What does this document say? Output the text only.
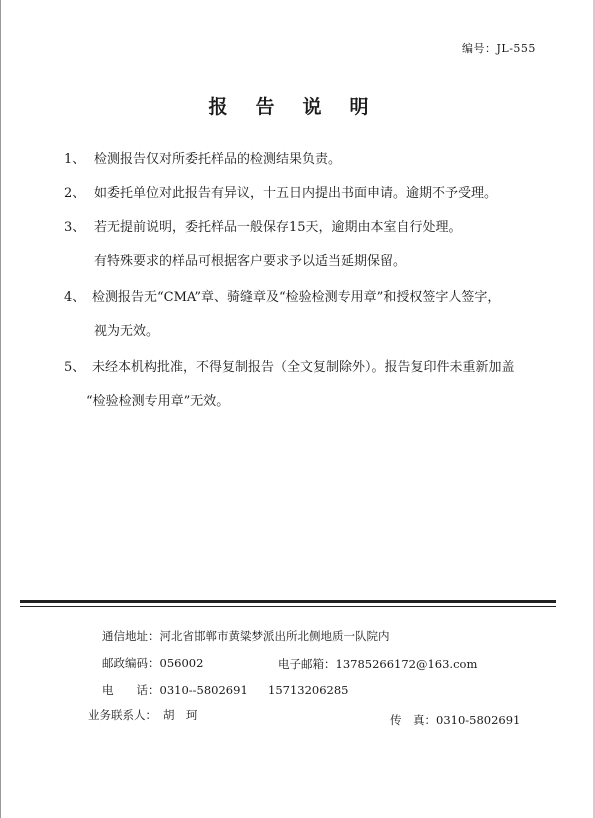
编号：JL-555
报告说明
1、 检测报告仅对所委托样品的检测结果负责。
2、 如委托单位对此报告有异议，十五日内提出书面申请。逾期不予受理。
3、 若无提前说明，委托样品一般保存15天，逾期由本室自行处理。
有特殊要求的样品可根据客户要求予以适当延期保留。
4、 检测报告无“CMA”章、骑缝章及“检验检测专用章”和授权签字人签字，
视为无效。
5、 未经本机构批准，不得复制报告（全文复制除外）。报告复印件未重新加盖
“检验检测专用章”无效。
通信地址：河北省邯郸市黄粱梦派出所北侧地质一队院内
邮政编码：056002	电子邮箱：13785266172@163.com
电　　话：0310--5802691 15713206285
业务联系人： 胡　珂	传　真：0310-5802691
